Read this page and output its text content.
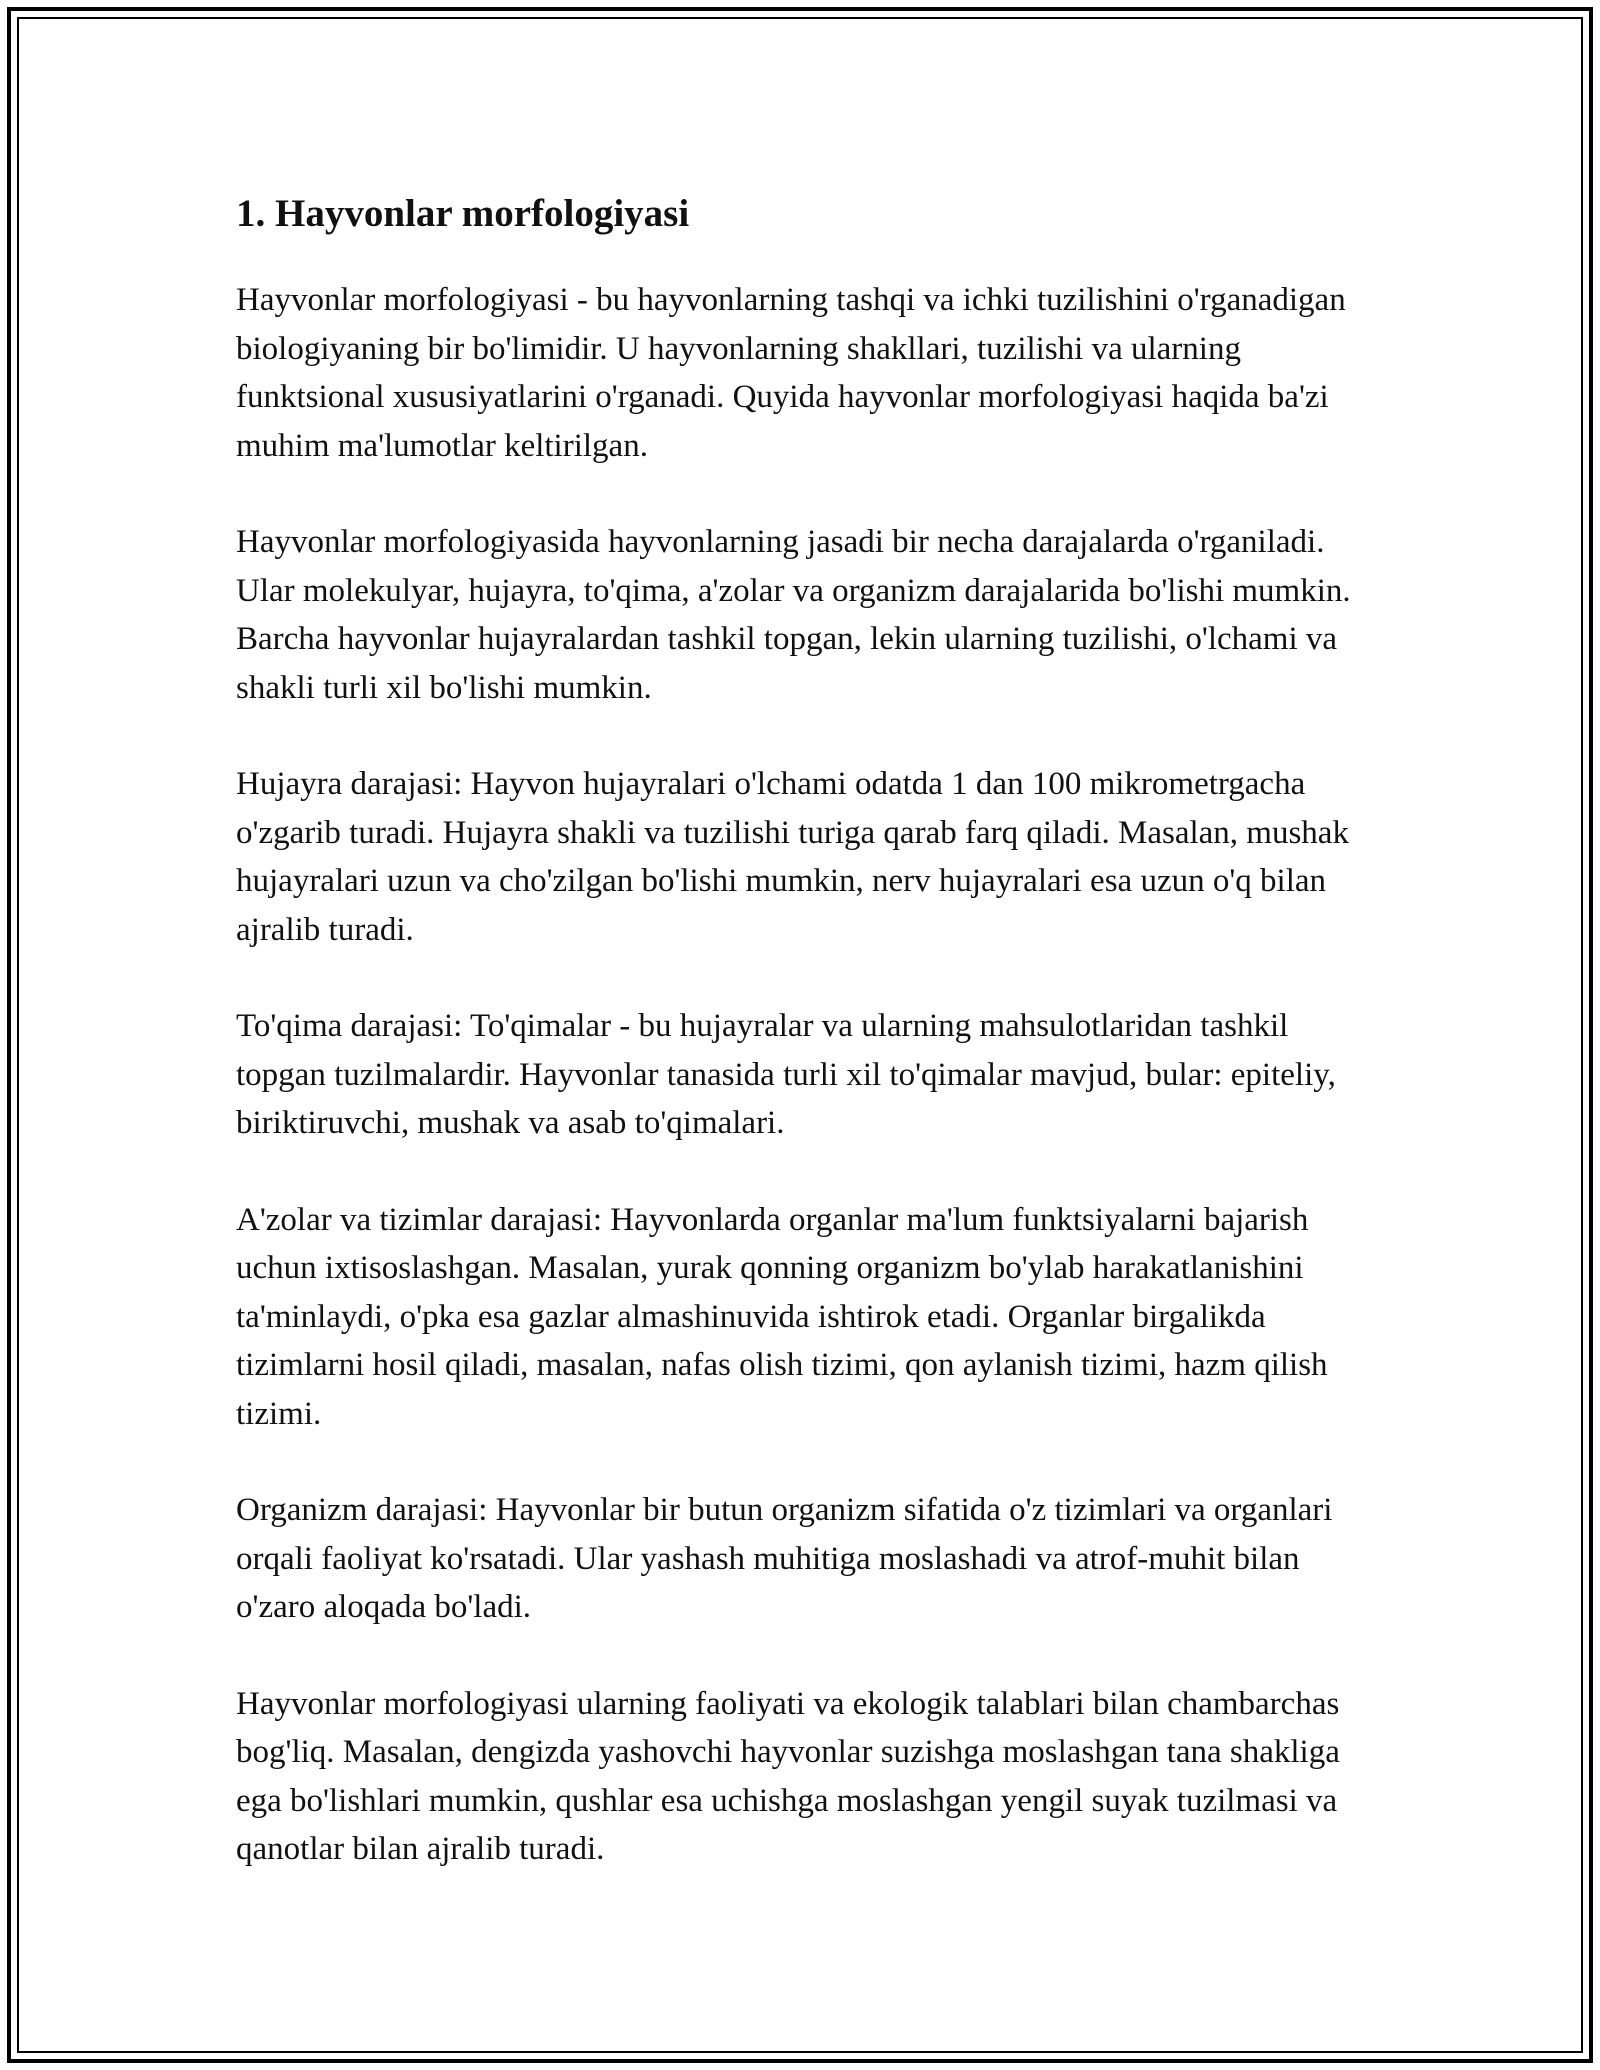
1. Hayvonlar morfologiyasi

Hayvonlar morfologiyasi - bu hayvonlarning tashqi va ichki tuzilishini o'rganadigan biologiyaning bir bo'limidir. U hayvonlarning shakllari, tuzilishi va ularning funktsional xususiyatlarini o'rganadi. Quyida hayvonlar morfologiyasi haqida ba'zi muhim ma'lumotlar keltirilgan.

Hayvonlar morfologiyasida hayvonlarning jasadi bir necha darajalarda o'rganiladi. Ular molekulyar, hujayra, to'qima, a'zolar va organizm darajalarida bo'lishi mumkin. Barcha hayvonlar hujayralardan tashkil topgan, lekin ularning tuzilishi, o'lchami va shakli turli xil bo'lishi mumkin.

Hujayra darajasi: Hayvon hujayralari o'lchami odatda 1 dan 100 mikrometrgacha o'zgarib turadi. Hujayra shakli va tuzilishi turiga qarab farq qiladi. Masalan, mushak hujayralari uzun va cho'zilgan bo'lishi mumkin, nerv hujayralari esa uzun o'q bilan ajralib turadi.

To'qima darajasi: To'qimalar - bu hujayralar va ularning mahsulotlaridan tashkil topgan tuzilmalardir. Hayvonlar tanasida turli xil to'qimalar mavjud, bular: epiteliy, biriktiruvchi, mushak va asab to'qimalari.

A'zolar va tizimlar darajasi: Hayvonlarda organlar ma'lum funktsiyalarni bajarish uchun ixtisoslashgan. Masalan, yurak qonning organizm bo'ylab harakatlanishini ta'minlaydi, o'pka esa gazlar almashinuvida ishtirok etadi. Organlar birgalikda tizimlarni hosil qiladi, masalan, nafas olish tizimi, qon aylanish tizimi, hazm qilish tizimi.

Organizm darajasi: Hayvonlar bir butun organizm sifatida o'z tizimlari va organlari orqali faoliyat ko'rsatadi. Ular yashash muhitiga moslashadi va atrof-muhit bilan o'zaro aloqada bo'ladi.

Hayvonlar morfologiyasi ularning faoliyati va ekologik talablari bilan chambarchas bog'liq. Masalan, dengizda yashovchi hayvonlar suzishga moslashgan tana shakliga ega bo'lishlari mumkin, qushlar esa uchishga moslashgan yengil suyak tuzilmasi va qanotlar bilan ajralib turadi.
